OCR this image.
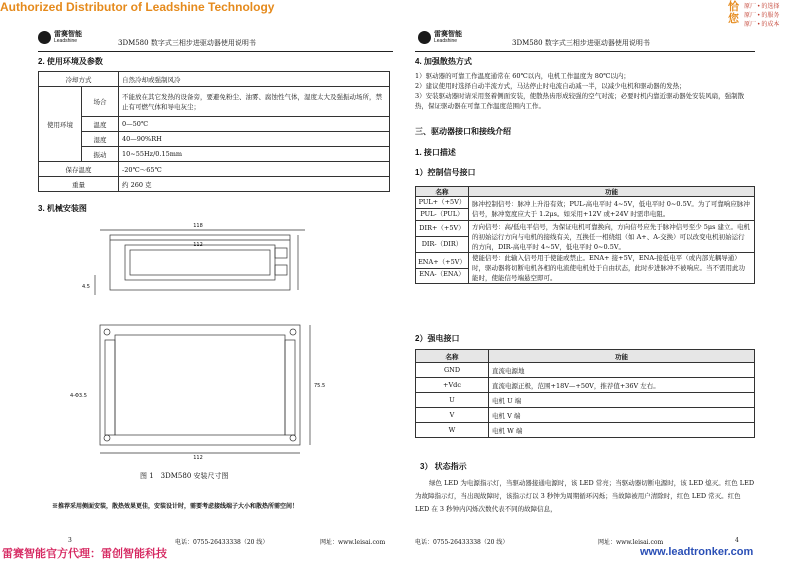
Authorized Distributor of Leadshine Technology	恰 您
原厂 • 的选择
原厂 • 的服务
原厂 • 的成本
雷赛智能
Leadshine	3DM580 数字式三相步进驱动器使用说明书
2. 使用环境及参数
冷却方式		自然冷却或强制风冷
使用环境	场合	不能放在其它发热的设备旁，要避免粉尘、油雾、腐蚀性气体，湿度太大及强振动场所，禁止有可燃气体和导电灰尘；
	温度	0—50℃
	湿度	40—90%RH
	振动	10~55Hz/0.15mm
保存温度		-20℃～65℃
重量		约 260 克
3. 机械安装图
118
112
4.5
75.5
4-Φ3.5
112
图 1　3DM580 安装尺寸图
※推荐采用侧面安装，散热效果更佳，安装设计时，需要考虑接线端子大小和散热所需空间！
3	电话：0755-26433338（20 线）	网址：www.leisai.com
雷赛智能
Leadshine	3DM580 数字式三相步进驱动器使用说明书
4. 加强散热方式
1）驱动器的可靠工作温度通常在 60℃以内，电机工作温度为 80℃以内；
2）建议使用时选择自动半流方式，马达停止时电流自动减一半，以减少电机和驱动器的发热；
3）安装驱动器时请采用竖着侧面安装，使散热齿形成较强的空气对流；必要时机内靠近驱动器处安装风扇，强制散热，保证驱动器在可靠工作温度范围内工作。
三、驱动器接口和接线介绍
1. 接口描述
1）控制信号接口
名称	功能

PUL+（+5V）
PUL-（PUL）	脉冲控制信号：脉冲上升沿有效；PUL-高电平时 4~5V，低电平时 0~0.5V。为了可靠响应脉冲信号，脉冲宽度应大于 1.2μs。如采用+12V 或+24V 时需串电阻。

DIR+（+5V）
DIR-（DIR）	方向信号：高/低电平信号，为保证电机可靠换向，方向信号应先于脉冲信号至少 5μs 建立。电机的初始运行方向与电机的接线有关，互换任一相绕组（如 A+、A-交换）可以改变电机初始运行的方向，DIR-高电平时 4~5V，低电平时 0~0.5V。

ENA+（+5V）
ENA-（ENA）	使能信号：此输入信号用于使能或禁止。ENA+ 接+5V，ENA-接低电平（或内部光耦导通）时，驱动器将切断电机各相的电流使电机处于自由状态，此时步进脉冲不被响应。当不需用此功能时，使能信号端悬空即可。
2）强电接口
名称	功能
GND	直流电源地
+Vdc	直流电源正极，范围+18V—+50V，推荐值+36V 左右。
U	电机 U 端
V	电机 V 端
W	电机 W 端
3） 状态指示
绿色 LED 为电源指示灯，当驱动器接通电源时，该 LED 常亮；当驱动器切断电源时，该 LED 熄灭。红色 LED 为故障指示灯，当出现故障时，该指示灯以 3 秒钟为周期循环闪烁；当故障被用户清除时，红色 LED 常灭。红色 LED 在 3 秒钟内闪烁次数代表不同的故障信息，
电话：0755-26433338（20 线）	网址：www.leisai.com	4
雷赛智能官方代理：雷创智能科技	www.leadtronker.com
